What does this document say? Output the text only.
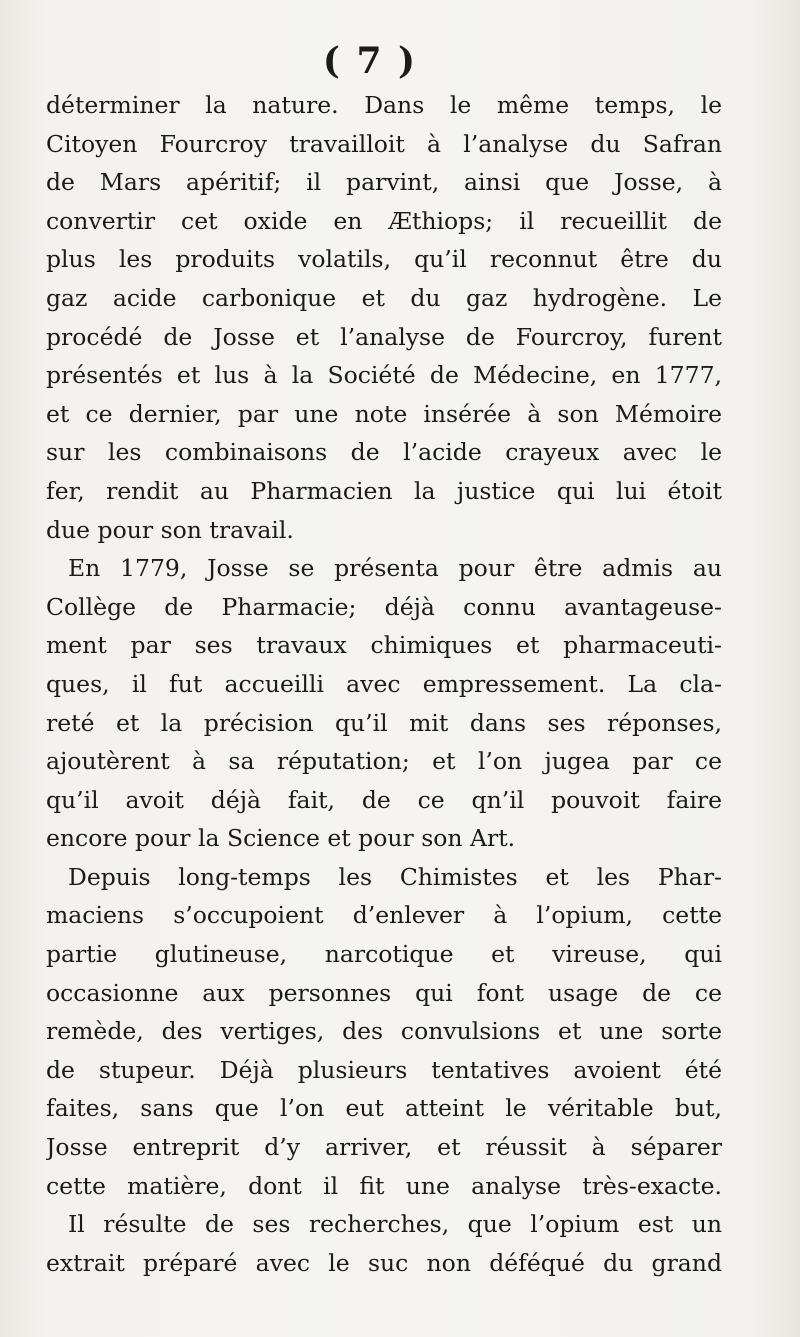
( 7 )
déterminer la nature. Dans le même temps, le
Citoyen Fourcroy travailloit à l’analyse du Safran
de Mars apéritif; il parvint, ainsi que Josse, à
convertir cet oxide en Æthiops; il recueillit de
plus les produits volatils, qu’il reconnut être du
gaz acide carbonique et du gaz hydrogène. Le
procédé de Josse et l’analyse de Fourcroy, furent
présentés et lus à la Société de Médecine, en 1777,
et ce dernier, par une note insérée à son Mémoire
sur les combinaisons de l’acide crayeux avec le
fer, rendit au Pharmacien la justice qui lui étoit
due pour son travail.
En 1779, Josse se présenta pour être admis au
Collège de Pharmacie; déjà connu avantageuse-
ment par ses travaux chimiques et pharmaceuti-
ques, il fut accueilli avec empressement. La cla-
reté et la précision qu’il mit dans ses réponses,
ajoutèrent à sa réputation; et l’on jugea par ce
qu’il avoit déjà fait, de ce qn’il pouvoit faire
encore pour la Science et pour son Art.
Depuis long-temps les Chimistes et les Phar-
maciens s’occupoient d’enlever à l’opium, cette
partie glutineuse, narcotique et vireuse, qui
occasionne aux personnes qui font usage de ce
remède, des vertiges, des convulsions et une sorte
de stupeur. Déjà plusieurs tentatives avoient été
faites, sans que l’on eut atteint le véritable but,
Josse entreprit d’y arriver, et réussit à séparer
cette matière, dont il fit une analyse très-exacte.
Il résulte de ses recherches, que l’opium est un
extrait préparé avec le suc non déféqué du grand
